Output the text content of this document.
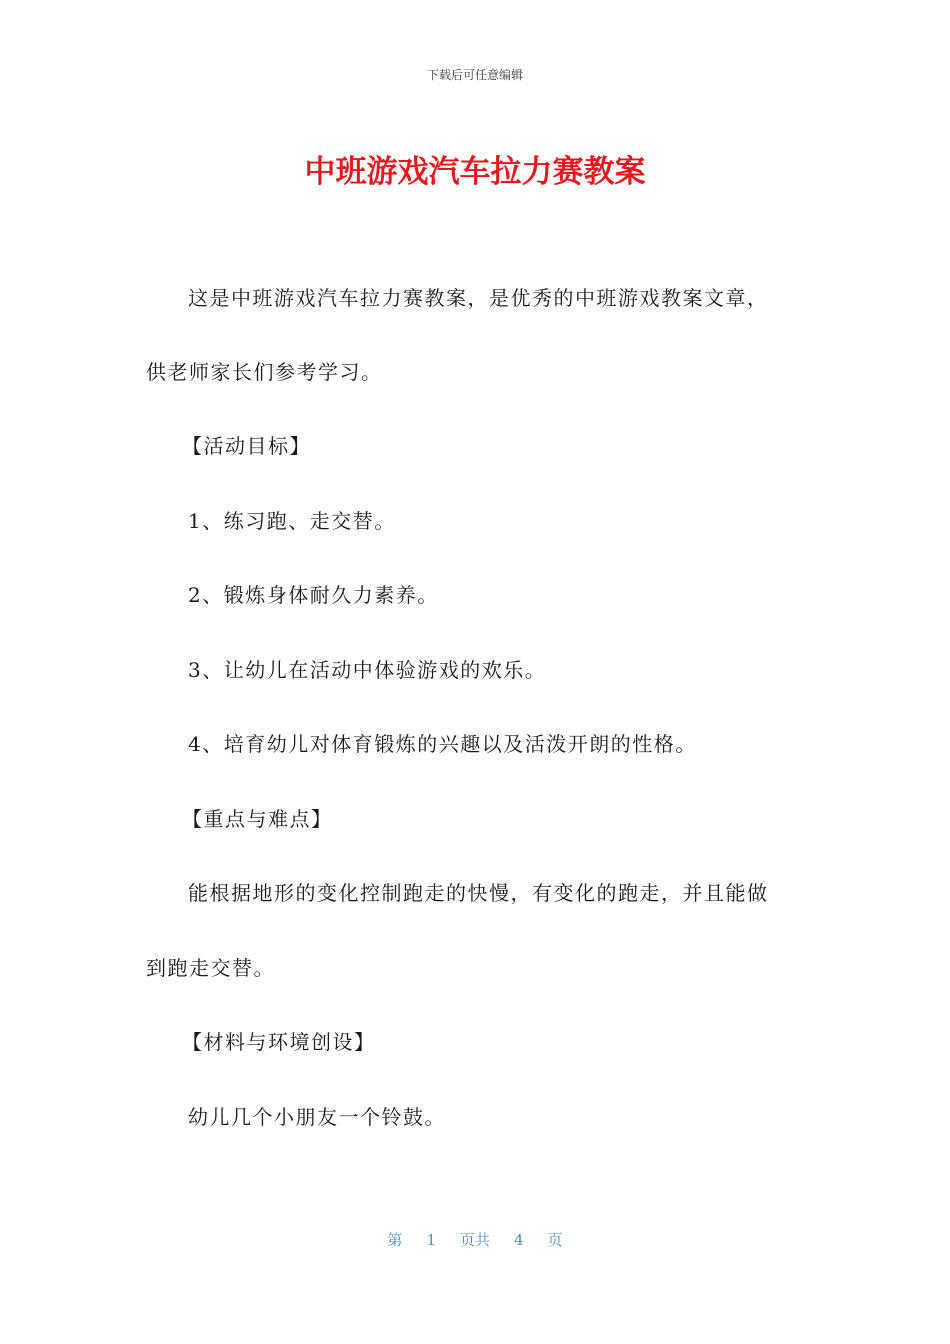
下载后可任意编辑
中班游戏汽车拉力赛教案
这是中班游戏汽车拉力赛教案，是优秀的中班游戏教案文章，
供老师家长们参考学习。
【活动目标】
1、练习跑、走交替。
2、锻炼身体耐久力素养。
3、让幼儿在活动中体验游戏的欢乐。
4、培育幼儿对体育锻炼的兴趣以及活泼开朗的性格。
【重点与难点】
能根据地形的变化控制跑走的快慢，有变化的跑走，并且能做
到跑走交替。
【材料与环境创设】
幼儿几个小朋友一个铃鼓。
第 1 页共 4 页
